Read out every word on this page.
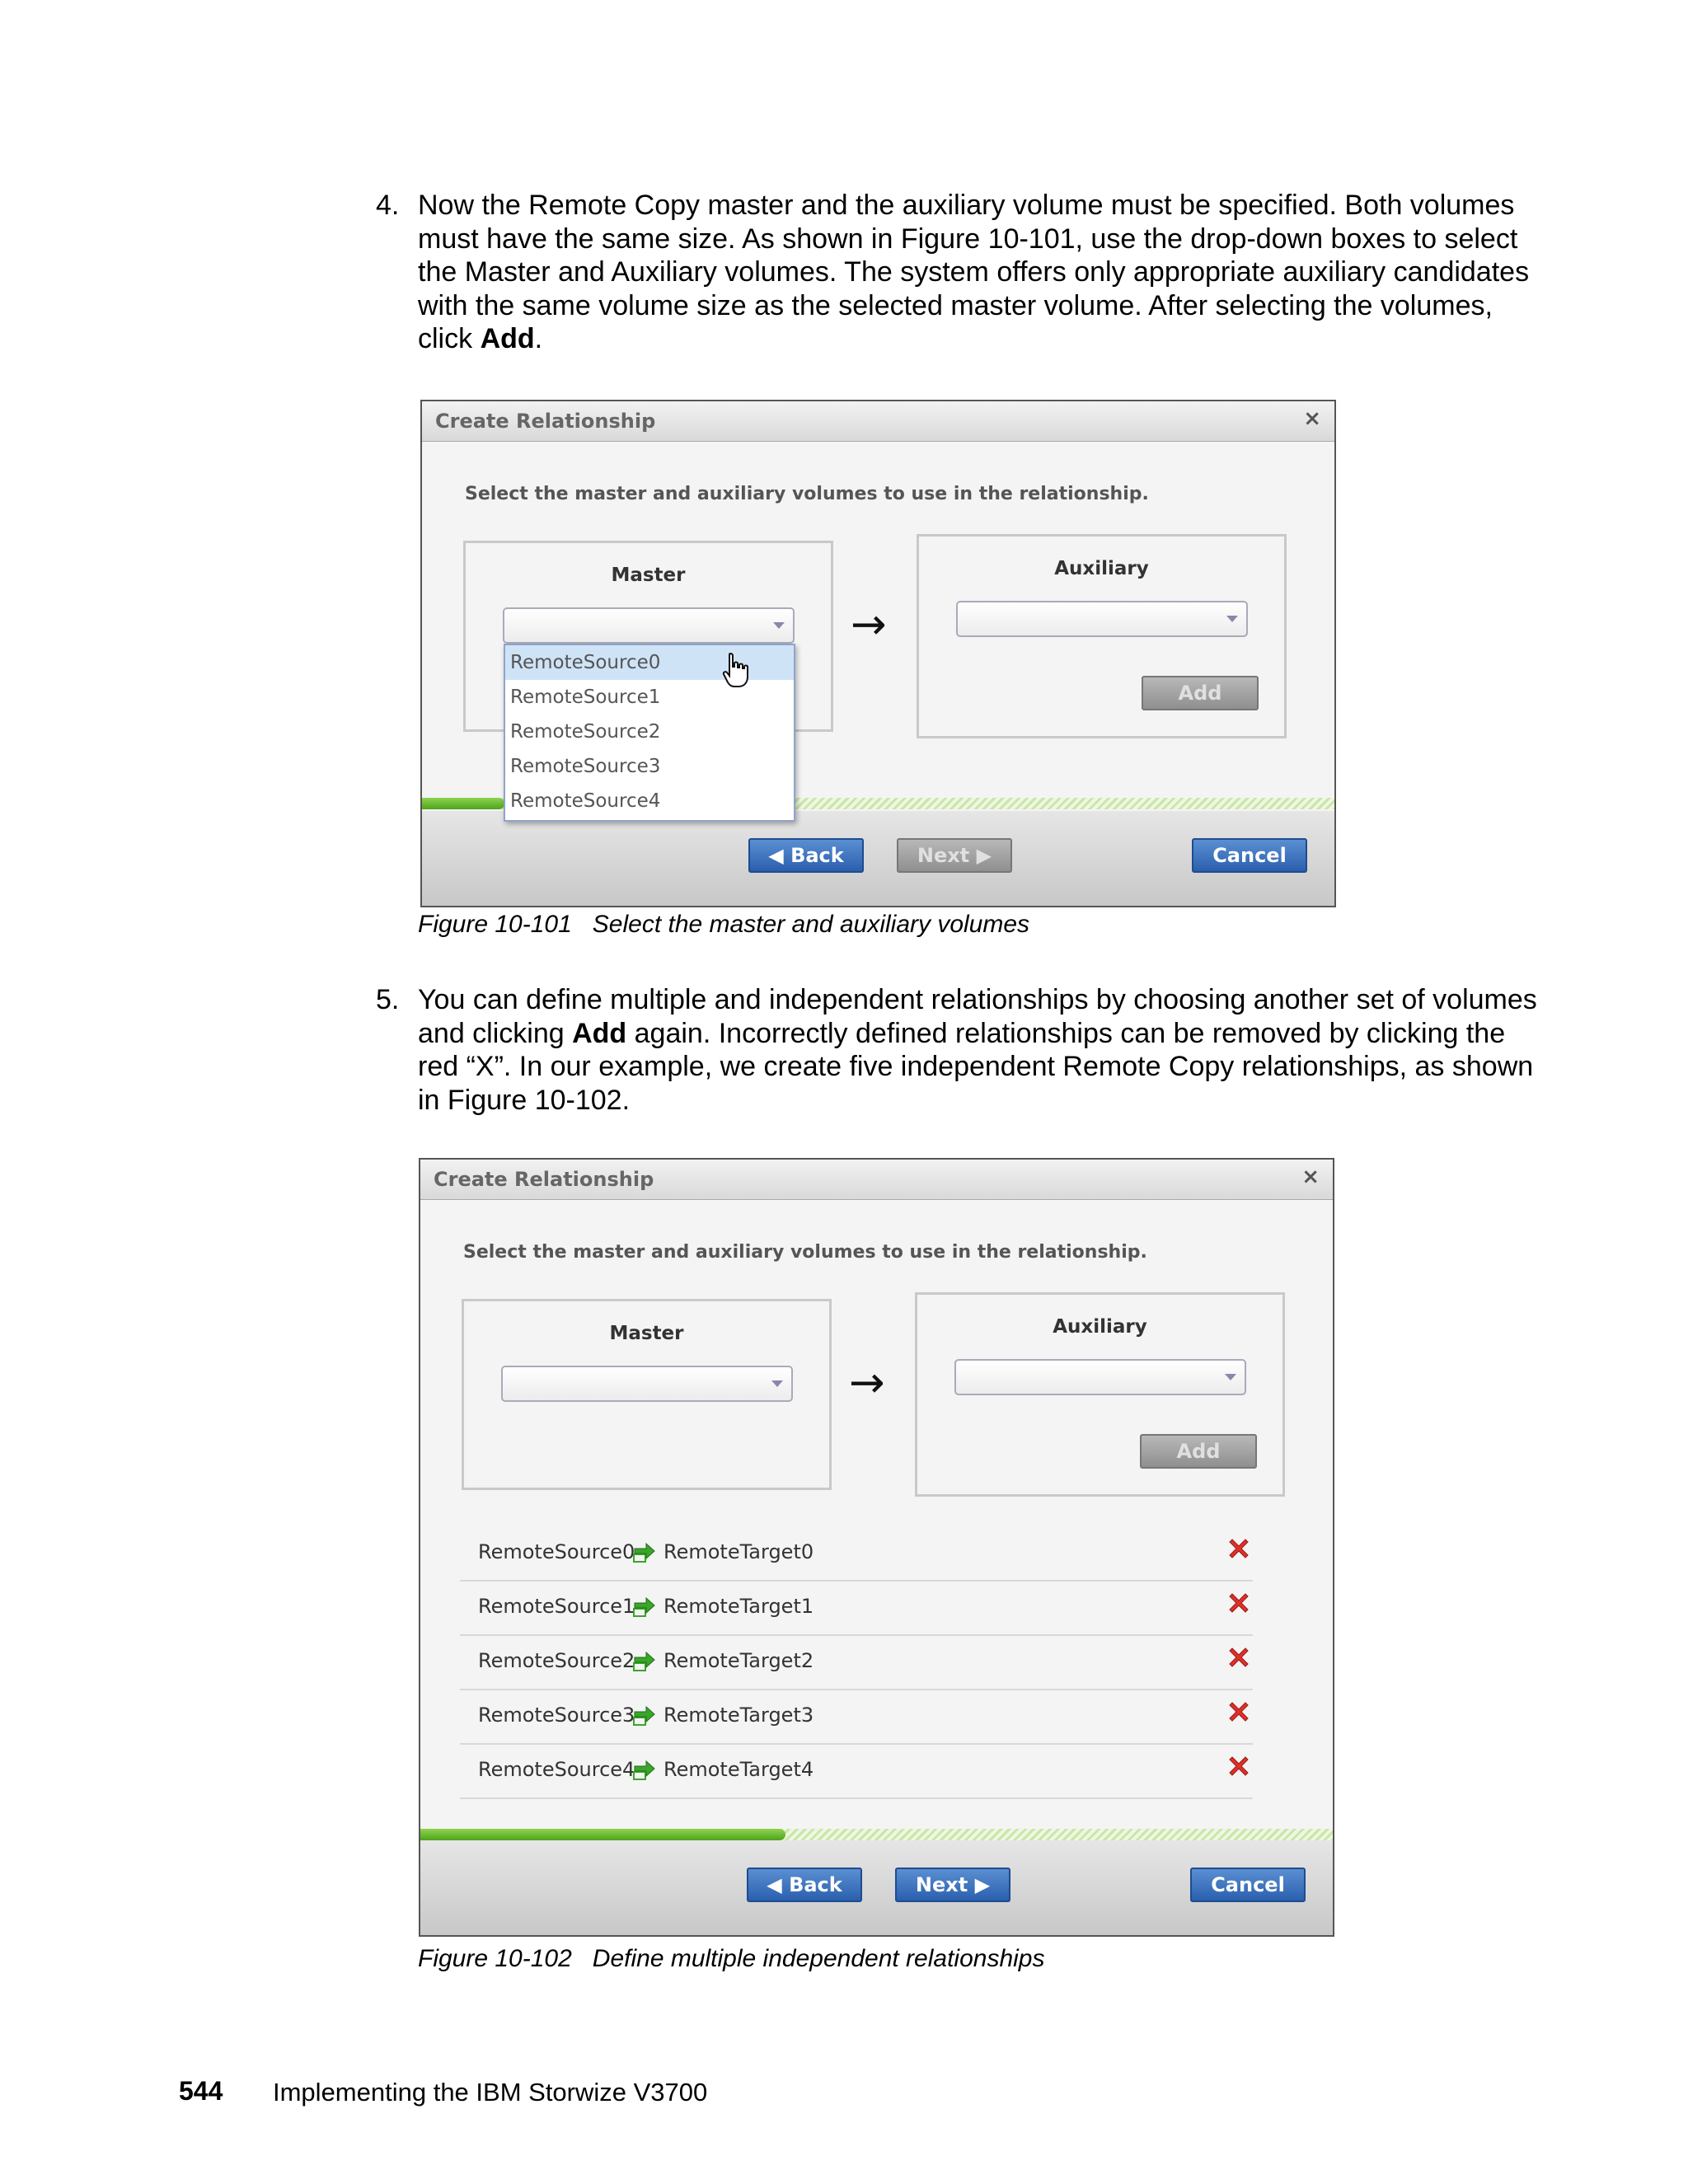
4. Now the Remote Copy master and the auxiliary volume must be specified. Both volumes
must have the same size. As shown in Figure 10-101, use the drop-down boxes to select
the Master and Auxiliary volumes. The system offers only appropriate auxiliary candidates
with the same volume size as the selected master volume. After selecting the volumes,
click Add.
Create Relationship	×
Select the master and auxiliary volumes to use in the relationship.
Master
→
Auxiliary
Add
◀ Back	Next ▶	Cancel
RemoteSource0
RemoteSource1
RemoteSource2
RemoteSource3
RemoteSource4
Figure 10-101   Select the master and auxiliary volumes
5. You can define multiple and independent relationships by choosing another set of volumes
and clicking Add again. Incorrectly defined relationships can be removed by clicking the
red “X”. In our example, we create five independent Remote Copy relationships, as shown
in Figure 10-102.
Create Relationship	×
Select the master and auxiliary volumes to use in the relationship.
Master
→
Auxiliary
Add
RemoteSource0 RemoteTarget0
RemoteSource1 RemoteTarget1
RemoteSource2 RemoteTarget2
RemoteSource3 RemoteTarget3
RemoteSource4 RemoteTarget4
◀ Back	Next ▶	Cancel
Figure 10-102   Define multiple independent relationships
544 Implementing the IBM Storwize V3700
